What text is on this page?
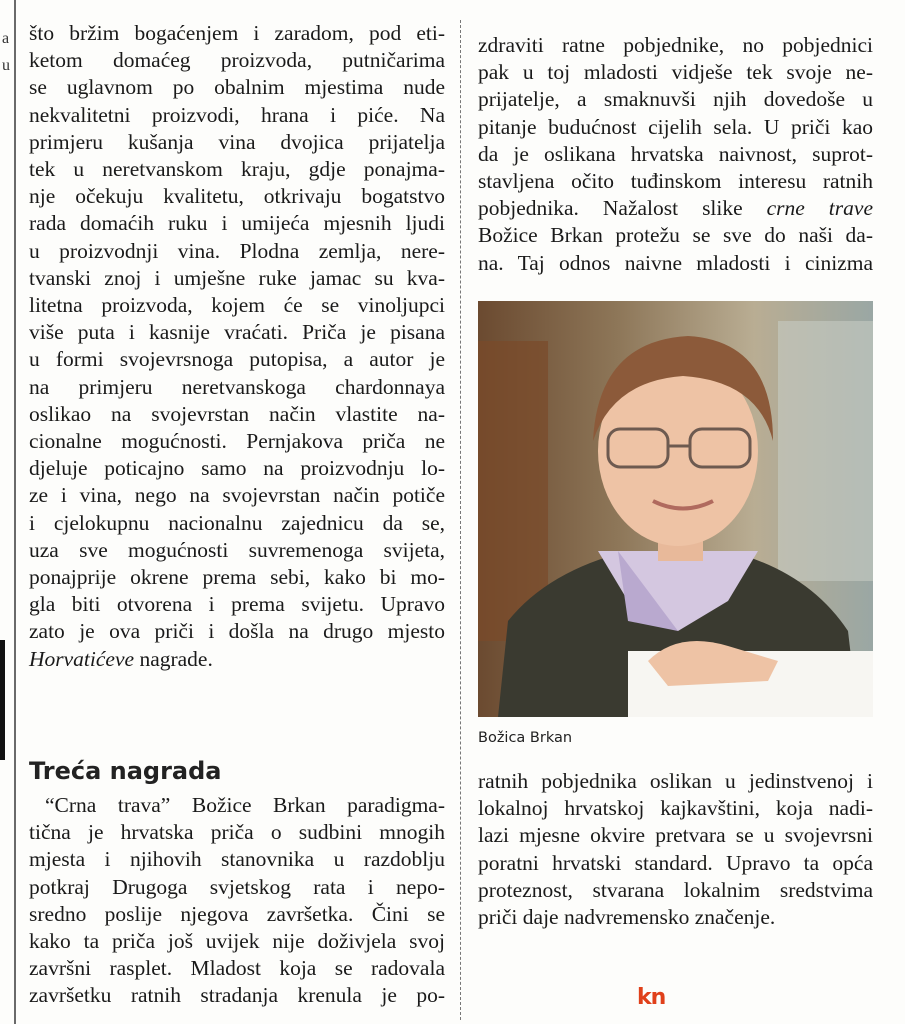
a
u

što bržim bogaćenjem i zaradom, pod eti-

ketom domaćeg proizvoda, putničarima

se uglavnom po obalnim mjestima nude

nekvalitetni proizvodi, hrana i piće. Na

primjeru kušanja vina dvojica prijatelja

tek u neretvanskom kraju, gdje ponajma-

nje očekuju kvalitetu, otkrivaju bogatstvo

rada domaćih ruku i umijeća mjesnih ljudi

u proizvodnji vina. Plodna zemlja, nere-

tvanski znoj i umješne ruke jamac su kva-

litetna proizvoda, kojem će se vinoljupci

više puta i kasnije vraćati. Priča je pisana

u formi svojevrsnoga putopisa, a autor je

na primjeru neretvanskoga chardonnaya

oslikao na svojevrstan način vlastite na-

cionalne mogućnosti. Pernjakova priča ne

djeluje poticajno samo na proizvodnju lo-

ze i vina, nego na svojevrstan način potiče

i cjelokupnu nacionalnu zajednicu da se,

uza sve mogućnosti suvremenoga svijeta,

ponajprije okrene prema sebi, kako bi mo-

gla biti otvorena i prema svijetu. Upravo

zato je ova priči i došla na drugo mjesto

Horvatićeve nagrade.

Treća nagrada

“Crna trava” Božice Brkan paradigma-

tična je hrvatska priča o sudbini mnogih

mjesta i njihovih stanovnika u razdoblju

potkraj Drugoga svjetskog rata i nepo-

sredno poslije njegova završetka. Čini se

kako ta priča još uvijek nije doživjela svoj

završni rasplet. Mladost koja se radovala

završetku ratnih stradanja krenula je po-

zdraviti ratne pobjednike, no pobjednici

pak u toj mladosti vidješe tek svoje ne-

prijatelje, a smaknuvši njih dovedoše u

pitanje budućnost cijelih sela. U priči kao

da je oslikana hrvatska naivnost, suprot-

stavljena očito tuđinskom interesu ratnih

pobjednika. Nažalost slike crne trave

Božice Brkan protežu se sve do naši da-

na. Taj odnos naivne mladosti i cinizma

Božica Brkan

ratnih pobjednika oslikan u jedinstvenoj i

lokalnoj hrvatskoj kajkavštini, koja nadi-

lazi mjesne okvire pretvara se u svojevrsni

poratni hrvatski standard. Upravo ta opća

proteznost, stvarana lokalnim sredstvima

priči daje nadvremensko značenje.

kn
